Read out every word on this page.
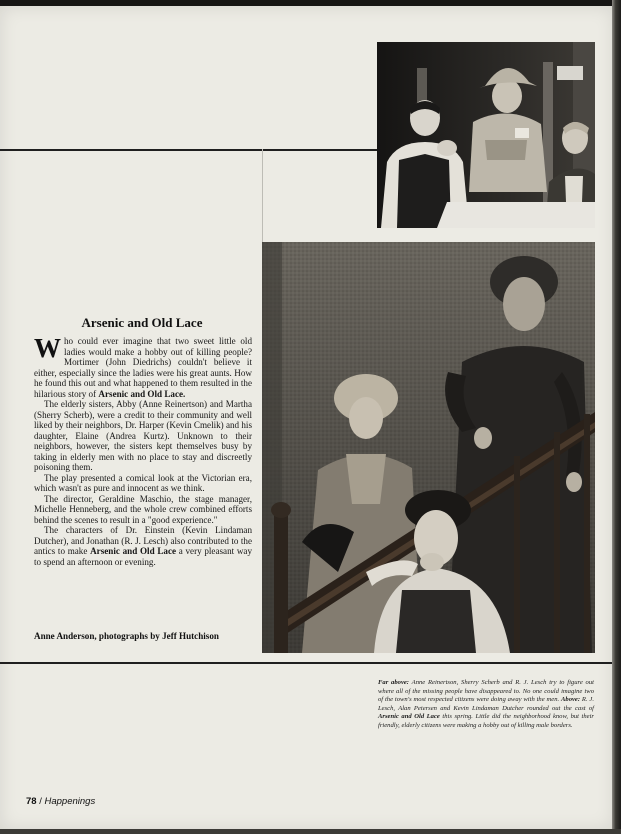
Arsenic and Old Lace

Who could ever imagine that two sweet little old ladies would make a hobby out of killing people? Mortimer (John Diedrichs) couldn't believe it either, especially since the ladies were his great aunts. How he found this out and what happened to them resulted in the hilarious story of Arsenic and Old Lace.

The elderly sisters, Abby (Anne Reinertson) and Martha (Sherry Scherb), were a credit to their community and well liked by their neighbors, Dr. Harper (Kevin Cmelik) and his daughter, Elaine (Andrea Kurtz). Unknown to their neighbors, however, the sisters kept themselves busy by taking in elderly men with no place to stay and discreetly poisoning them.

The play presented a comical look at the Victorian era, which wasn't as pure and innocent as we think.

The director, Geraldine Maschio, the stage manager, Michelle Henneberg, and the whole crew combined efforts behind the scenes to result in a "good experience."

The characters of Dr. Einstein (Kevin Lindaman Dutcher), and Jonathan (R. J. Lesch) also contributed to the antics to make Arsenic and Old Lace a very pleasant way to spend an afternoon or evening.

Anne Anderson, photographs by Jeff Hutchison
Far above: Anne Reinertson, Sherry Scherb and R. J. Lesch try to figure out where all of the missing people have disappeared to. No one could imagine two of the town's most respected citizens were doing away with the men. Above: R. J. Lesch, Alan Petersen and Kevin Lindaman Dutcher rounded out the cast of Arsenic and Old Lace this spring. Little did the neighborhood know, but their friendly, elderly citizens were making a hobby out of killing male borders.
78 / Happenings
